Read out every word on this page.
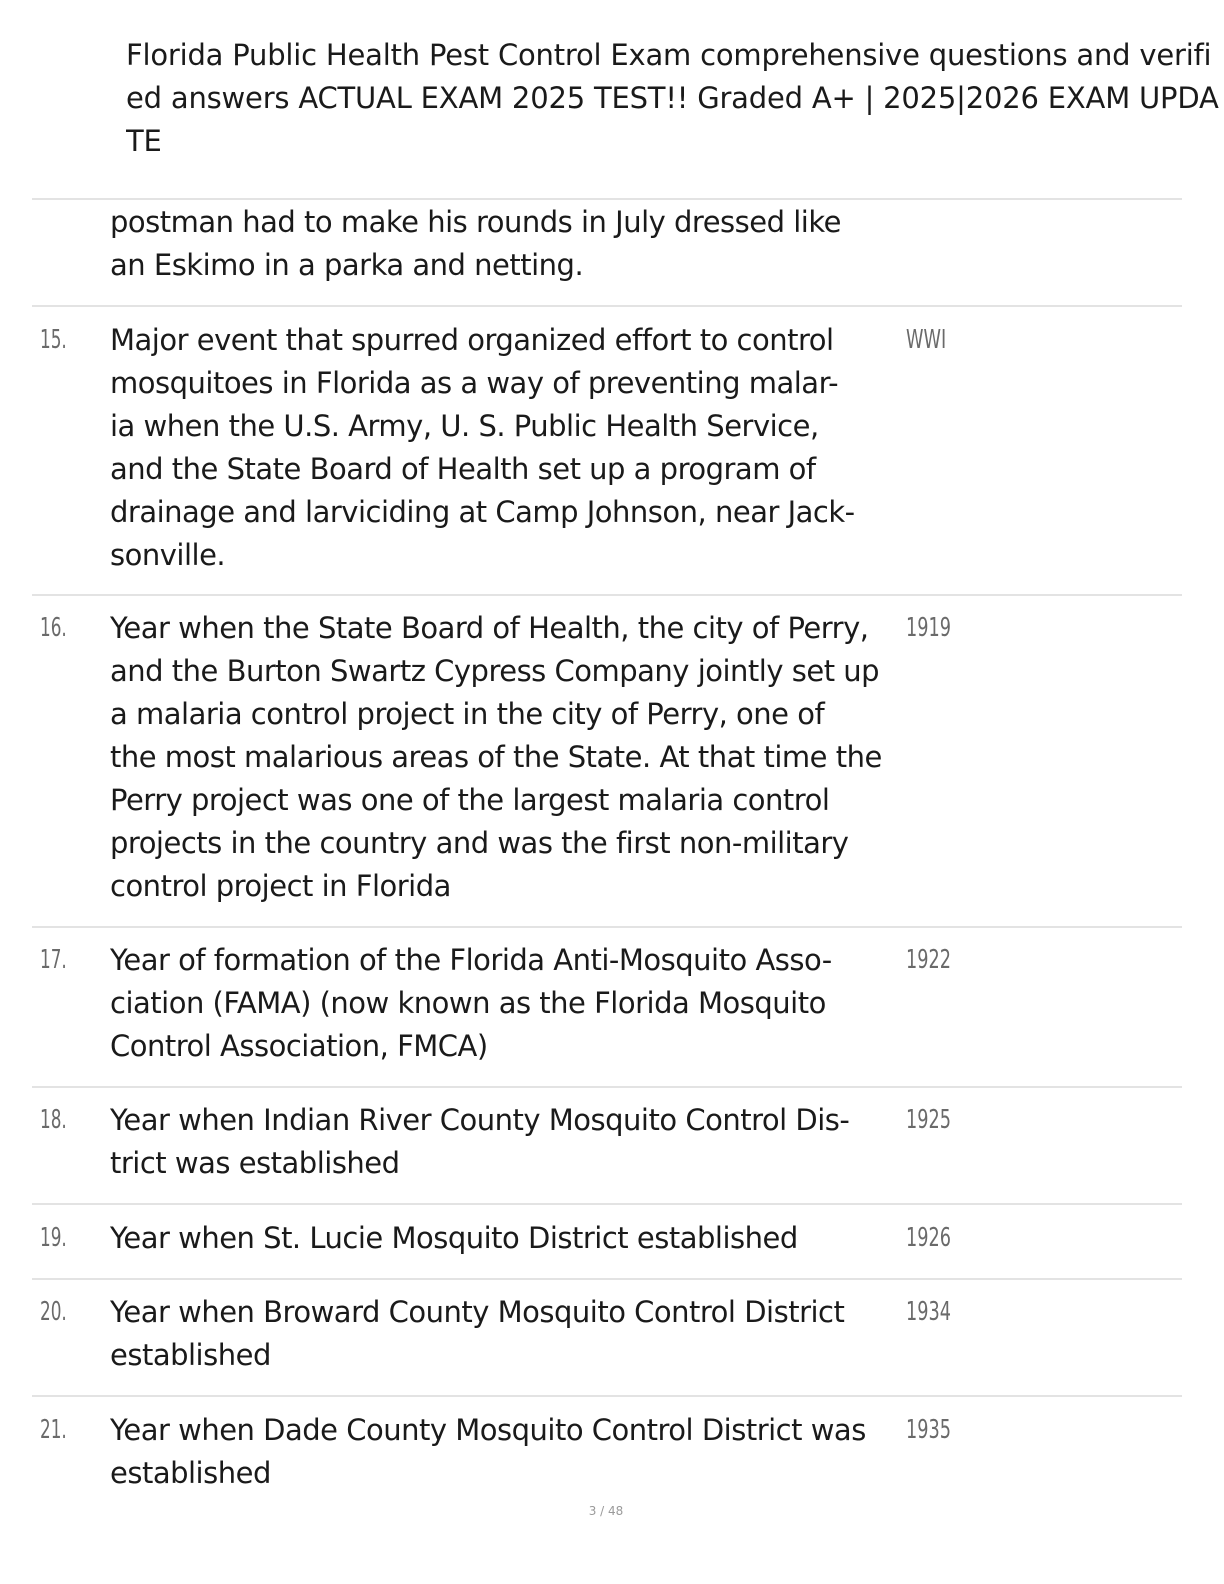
Florida Public Health Pest Control Exam comprehensive questions and verified answers ACTUAL EXAM 2025 TEST!! Graded A+ | 2025|2026 EXAM UPDATE
postman had to make his rounds in July dressed like
an Eskimo in a parka and netting.
15. Major event that spurred organized effort to control
mosquitoes in Florida as a way of preventing malar-
ia when the U.S. Army, U. S. Public Health Service,
and the State Board of Health set up a program of
drainage and larviciding at Camp Johnson, near Jack-
sonville.
WWI
16. Year when the State Board of Health, the city of Perry,
and the Burton Swartz Cypress Company jointly set up
a malaria control project in the city of Perry, one of
the most malarious areas of the State. At that time the
Perry project was one of the largest malaria control
projects in the country and was the first non-military
control project in Florida
1919
17. Year of formation of the Florida Anti-Mosquito Asso-
ciation (FAMA) (now known as the Florida Mosquito
Control Association, FMCA)
1922
18. Year when Indian River County Mosquito Control Dis-
trict was established
1925
19. Year when St. Lucie Mosquito District established	1926
20. Year when Broward County Mosquito Control District
established
1934
21. Year when Dade County Mosquito Control District was
established
1935
3 / 48
